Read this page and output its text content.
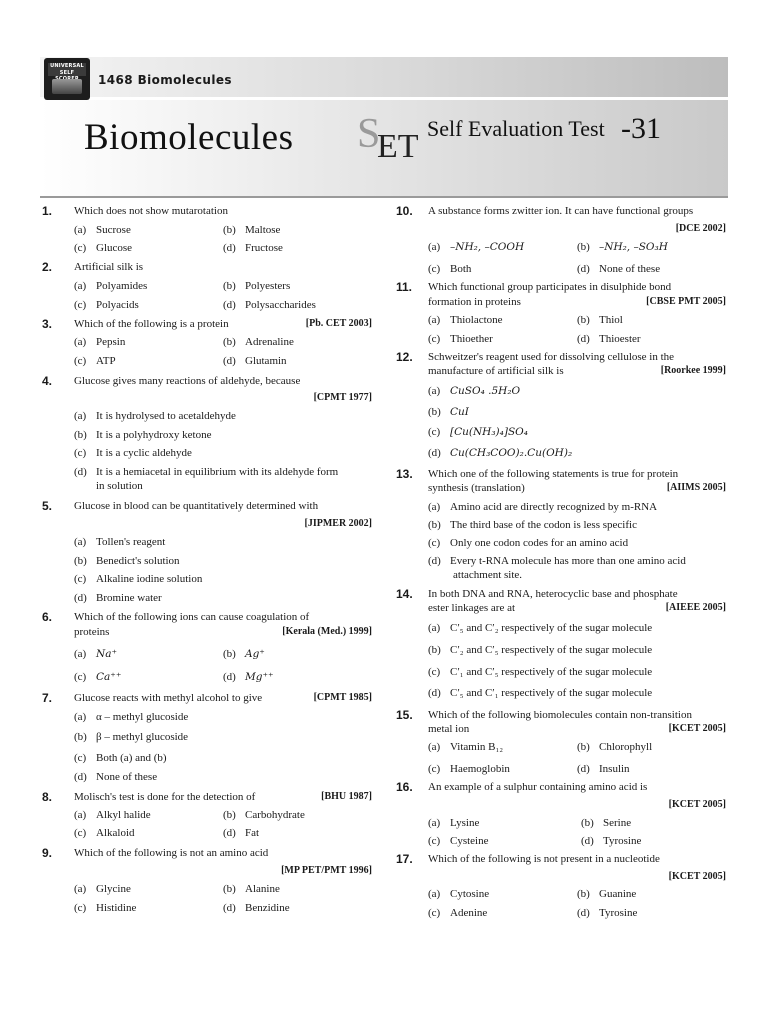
UNIVERSAL SELF
1468 Biomolecules
Biomolecules S
ET Self Evaluation Test -31
1. Which does not show mutarotation
(a) Sucrose	(b) Maltose
(c) Glucose	(d) Fructose
2. Artificial silk is
(a) Polyamides	(b) Polyesters
(c) Polyacids	(d) Polysaccharides
3. Which of the following is a protein	[Pb. CET 2003]
(a) Pepsin	(b) Adrenaline
(c) ATP	(d) Glutamin
4. Glucose gives many reactions of aldehyde, because
[CPMT 1977]
(a) It is hydrolysed to acetaldehyde
(b) It is a polyhydroxy ketone
(c) It is a cyclic aldehyde
(d) It is a hemiacetal in equilibrium with its aldehyde form
in solution
5. Glucose in blood can be quantitatively determined with
[JIPMER 2002]
(a) Tollen's reagent
(b) Benedict's solution
(c) Alkaline iodine solution
(d) Bromine water
6. Which of the following ions can cause coagulation of
proteins	[Kerala (Med.) 1999]
(a) Na⁺	(b) Ag⁺
(c) Ca⁺⁺	(d) Mg⁺⁺
7. Glucose reacts with methyl alcohol to give	[CPMT 1985]
(a) α – methyl glucoside
(b) β – methyl glucoside
(c) Both (a) and (b)
(d) None of these
8. Molisch's test is done for the detection of	[BHU 1987]
(a) Alkyl halide	(b) Carbohydrate
(c) Alkaloid	(d) Fat
9. Which of the following is not an amino acid
[MP PET/PMT 1996]
(a) Glycine	(b) Alanine
(c) Histidine	(d) Benzidine
10. A substance forms zwitter ion. It can have functional groups
[DCE 2002]
(a) –NH₂, –COOH	(b) –NH₂, –SO₃H
(c) Both	(d) None of these
11. Which functional group participates in disulphide bond
formation in proteins	[CBSE PMT 2005]
(a) Thiolactone	(b) Thiol
(c) Thioether	(d) Thioester
12. Schweitzer's reagent used for dissolving cellulose in the
manufacture of artificial silk is	[Roorkee 1999]
(a) CuSO₄ .5H₂O
(b) CuI
(c) [Cu(NH₃)₄]SO₄
(d) Cu(CH₃COO)₂.Cu(OH)₂
13. Which one of the following statements is true for protein
synthesis (translation)	[AIIMS 2005]
(a) Amino acid are directly recognized by m-RNA
(b) The third base of the codon is less specific
(c) Only one codon codes for an amino acid
(d) Every t-RNA molecule has more than one amino acid
attachment site.
14. In both DNA and RNA, heterocyclic base and phosphate
ester linkages are at	[AIEEE 2005]
(a) C′₅ and C′₂ respectively of the sugar molecule
(b) C′₂ and C′₅ respectively of the sugar molecule
(c) C′₁ and C′₅ respectively of the sugar molecule
(d) C′₅ and C′₁ respectively of the sugar molecule
15. Which of the following biomolecules contain non-transition
metal ion	[KCET 2005]
(a) Vitamin B₁₂	(b) Chlorophyll
(c) Haemoglobin	(d) Insulin
16. An example of a sulphur containing amino acid is
[KCET 2005]
(a) Lysine	(b) Serine
(c) Cysteine	(d) Tyrosine
17. Which of the following is not present in a nucleotide
[KCET 2005]
(a) Cytosine	(b) Guanine
(c) Adenine	(d) Tyrosine
